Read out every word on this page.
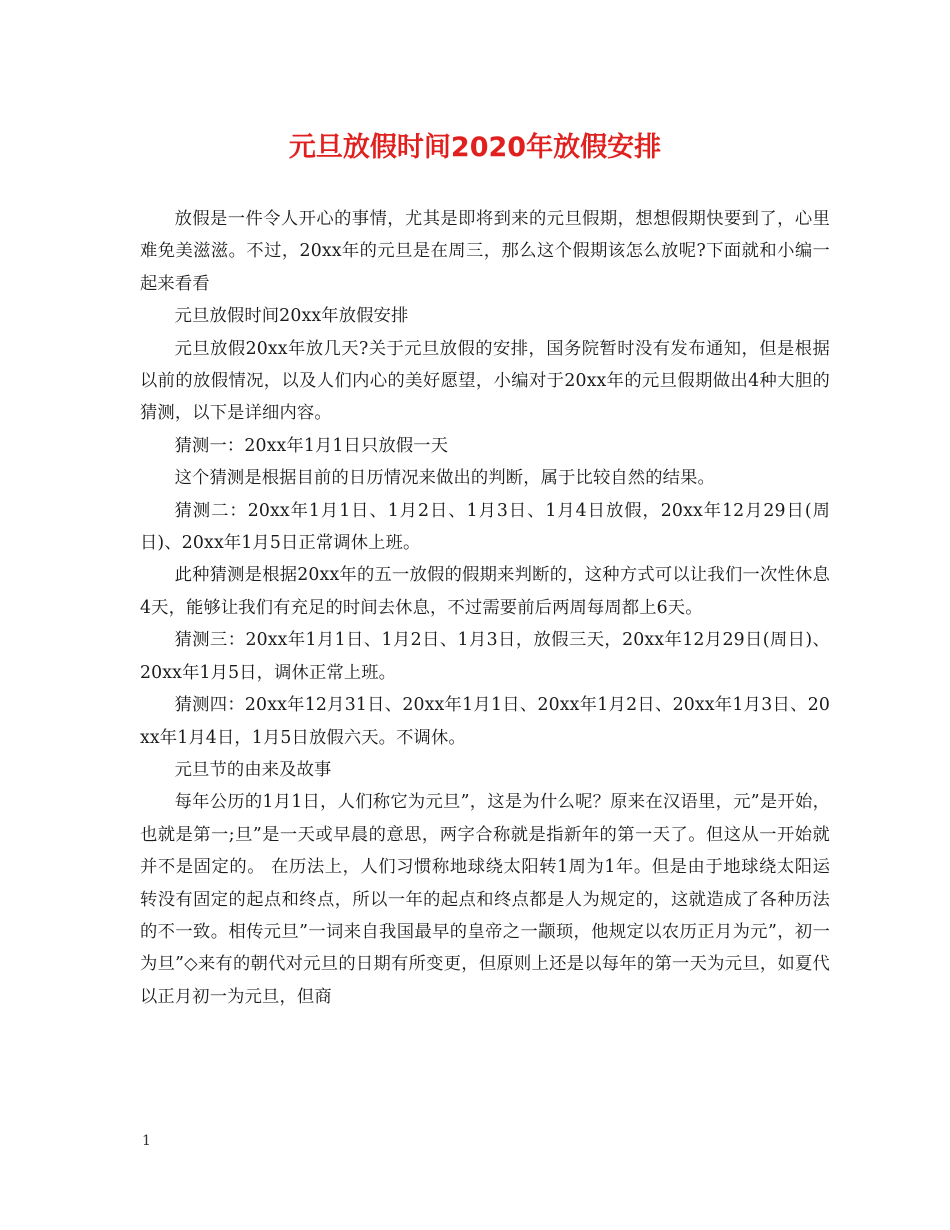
元旦放假时间2020年放假安排

放假是一件令人开心的事情，尤其是即将到来的元旦假期，想想假期快要到了，心里难免美滋滋。不过，20xx年的元旦是在周三，那么这个假期该怎么放呢?下面就和小编一起来看看

元旦放假时间20xx年放假安排

元旦放假20xx年放几天?关于元旦放假的安排，国务院暂时没有发布通知，但是根据以前的放假情况，以及人们内心的美好愿望，小编对于20xx年的元旦假期做出4种大胆的猜测，以下是详细内容。

猜测一：20xx年1月1日只放假一天

这个猜测是根据目前的日历情况来做出的判断，属于比较自然的结果。

猜测二：20xx年1月1日、1月2日、1月3日、1月4日放假，20xx年12月29日(周日)、20xx年1月5日正常调休上班。

此种猜测是根据20xx年的五一放假的假期来判断的，这种方式可以让我们一次性休息4天，能够让我们有充足的时间去休息，不过需要前后两周每周都上6天。

猜测三：20xx年1月1日、1月2日、1月3日，放假三天，20xx年12月29日(周日)、20xx年1月5日，调休正常上班。

猜测四：20xx年12月31日、20xx年1月1日、20xx年1月2日、20xx年1月3日、20xx年1月4日，1月5日放假六天。不调休。

元旦节的由来及故事

每年公历的1月1日，人们称它为元旦”，这是为什么呢？原来在汉语里，元”是开始，也就是第一;旦”是一天或早晨的意思，两字合称就是指新年的第一天了。但这从一开始就并不是固定的。 在历法上，人们习惯称地球绕太阳转1周为1年。但是由于地球绕太阳运转没有固定的起点和终点，所以一年的起点和终点都是人为规定的，这就造成了各种历法的不一致。相传元旦”一词来自我国最早的皇帝之一颛顼，他规定以农历正月为元”，初一为旦”◇来有的朝代对元旦的日期有所变更，但原则上还是以每年的第一天为元旦，如夏代以正月初一为元旦，但商

1
